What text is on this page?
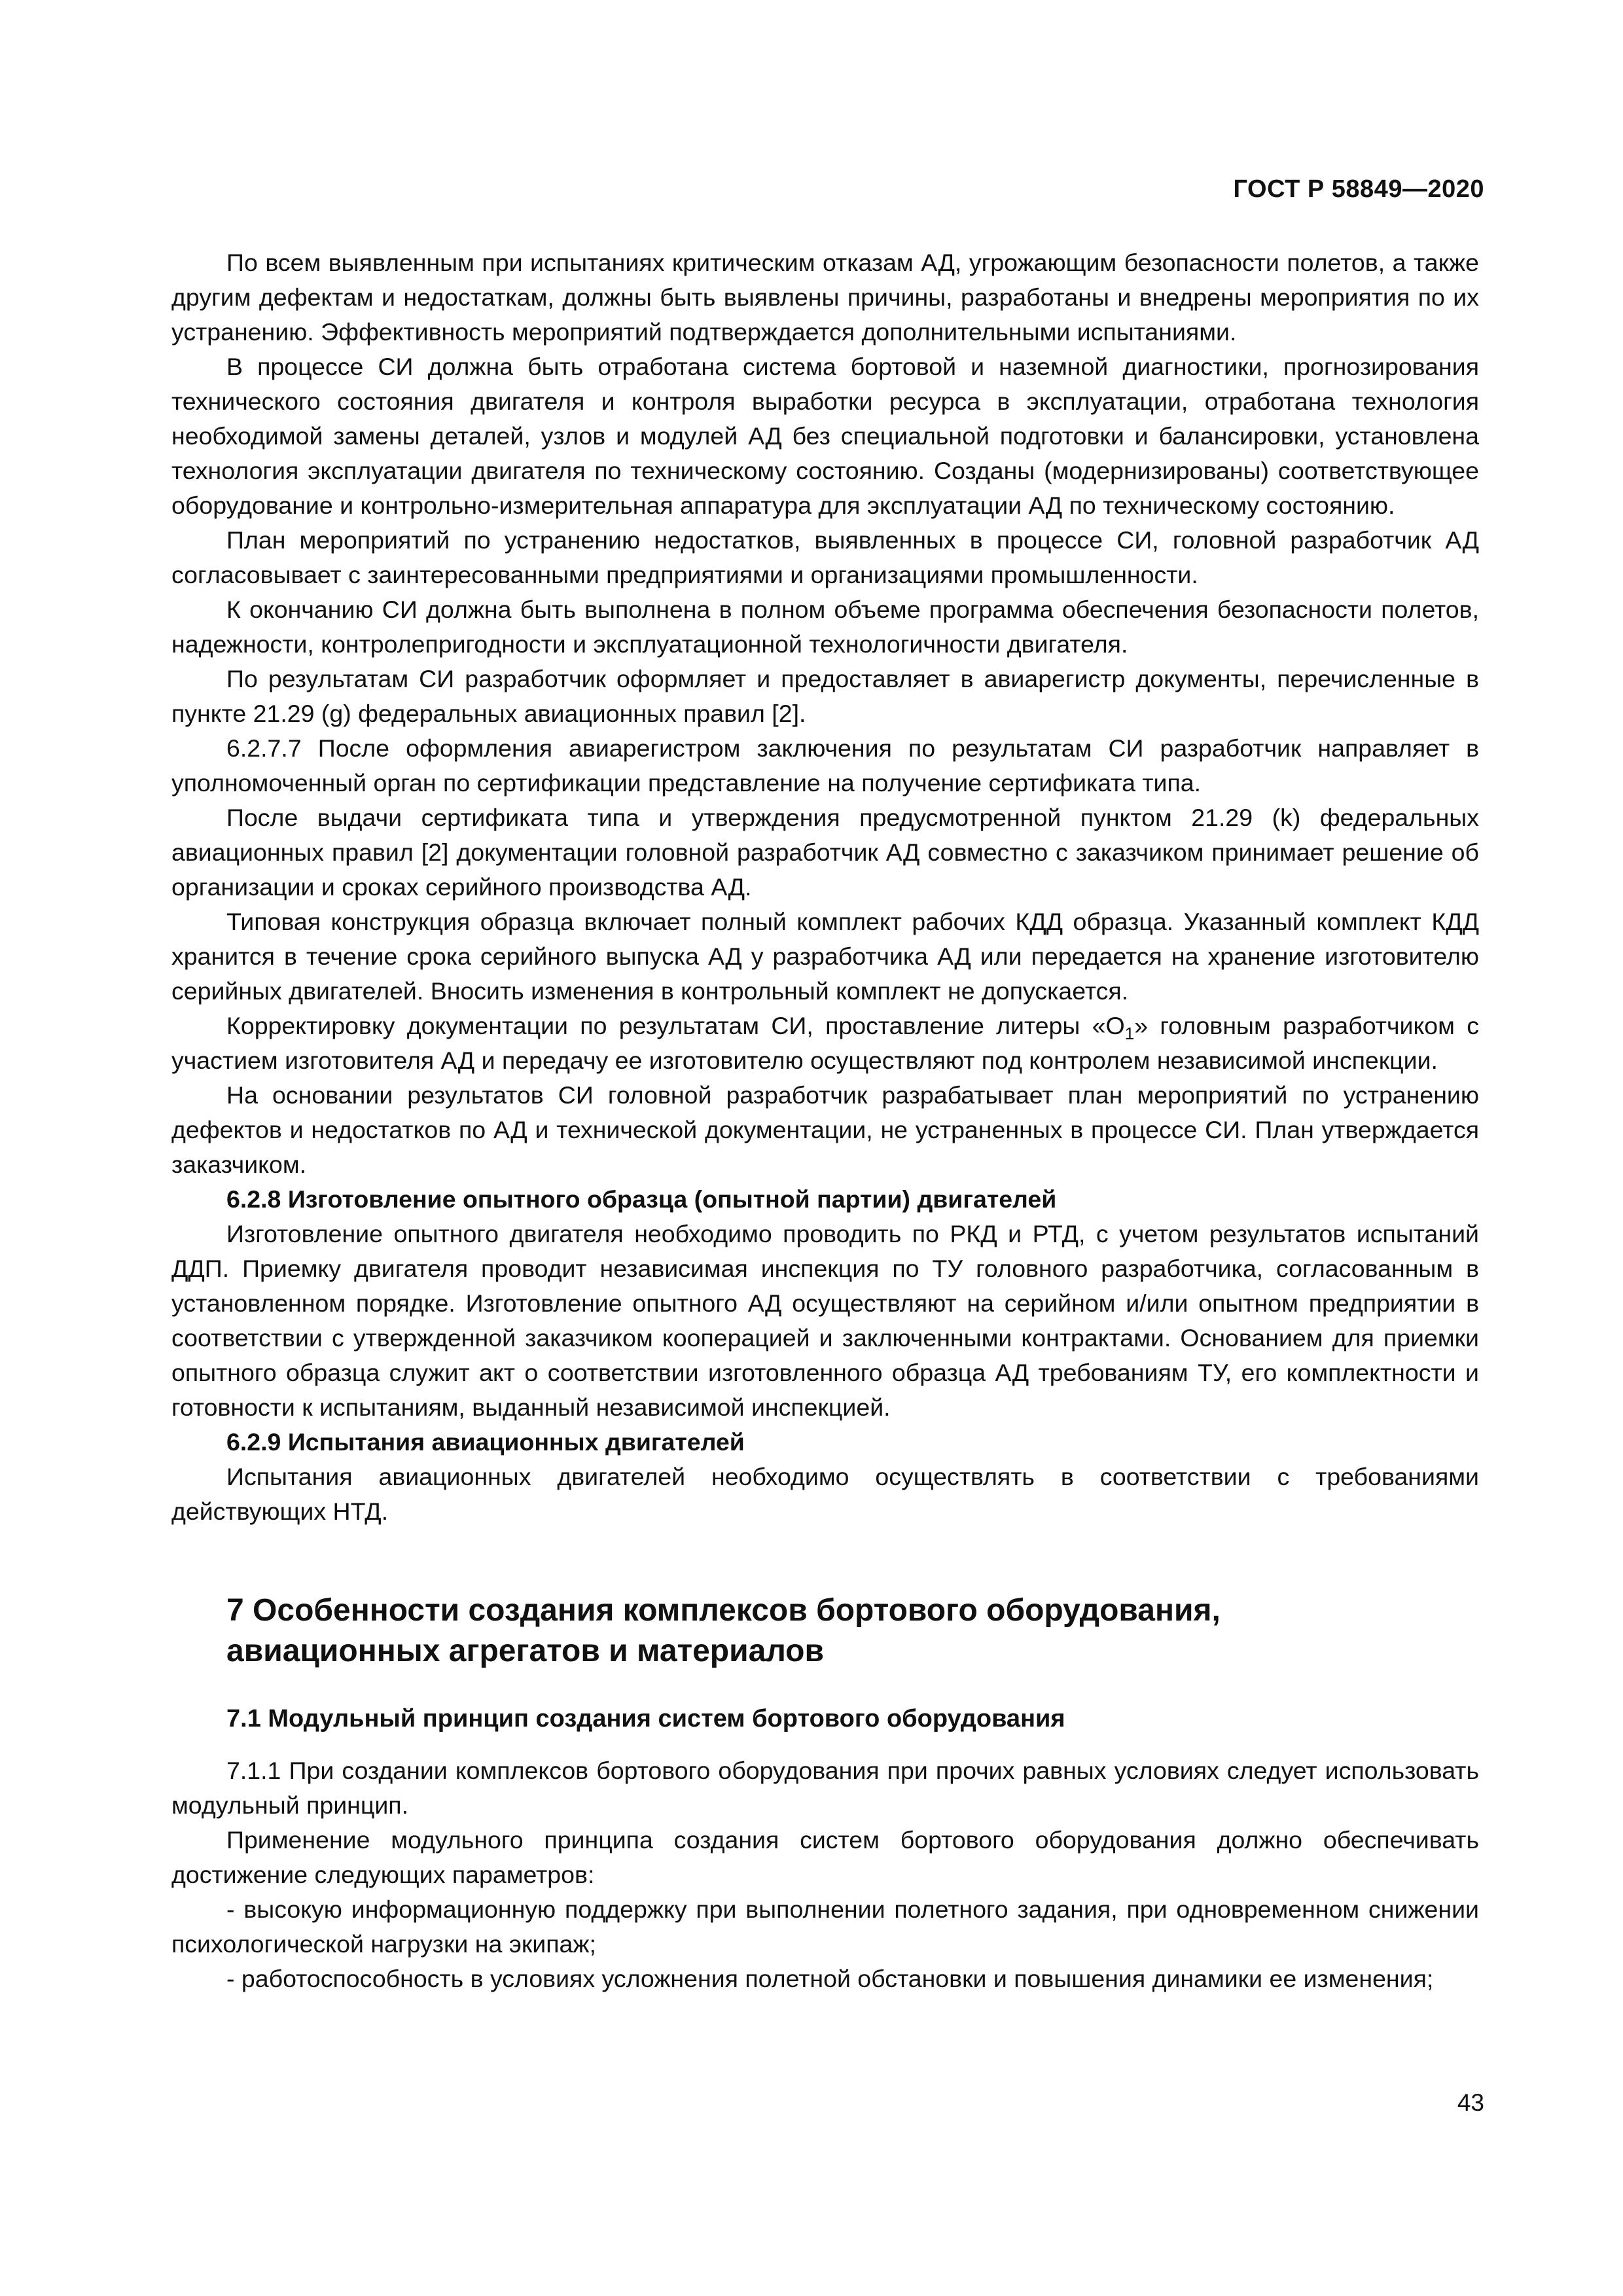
ГОСТ Р 58849—2020

По всем выявленным при испытаниях критическим отказам АД, угрожающим безопасности полетов, а также другим дефектам и недостаткам, должны быть выявлены причины, разработаны и внедрены мероприятия по их устранению. Эффективность мероприятий подтверждается дополнительными испытаниями.

В процессе СИ должна быть отработана система бортовой и наземной диагностики, прогнозирования технического состояния двигателя и контроля выработки ресурса в эксплуатации, отработана технология необходимой замены деталей, узлов и модулей АД без специальной подготовки и балансировки, установлена технология эксплуатации двигателя по техническому состоянию. Созданы (модернизированы) соответствующее оборудование и контрольно-измерительная аппаратура для эксплуатации АД по техническому состоянию.

План мероприятий по устранению недостатков, выявленных в процессе СИ, головной разработчик АД согласовывает с заинтересованными предприятиями и организациями промышленности.

К окончанию СИ должна быть выполнена в полном объеме программа обеспечения безопасности полетов, надежности, контролепригодности и эксплуатационной технологичности двигателя.

По результатам СИ разработчик оформляет и предоставляет в авиарегистр документы, перечисленные в пункте 21.29 (g) федеральных авиационных правил [2].

6.2.7.7 После оформления авиарегистром заключения по результатам СИ разработчик направляет в уполномоченный орган по сертификации представление на получение сертификата типа.

После выдачи сертификата типа и утверждения предусмотренной пунктом 21.29 (k) федеральных авиационных правил [2] документации головной разработчик АД совместно с заказчиком принимает решение об организации и сроках серийного производства АД.

Типовая конструкция образца включает полный комплект рабочих КДД образца. Указанный комплект КДД хранится в течение срока серийного выпуска АД у разработчика АД или передается на хранение изготовителю серийных двигателей. Вносить изменения в контрольный комплект не допускается.

Корректировку документации по результатам СИ, проставление литеры «$О_1$» головным разработчиком с участием изготовителя АД и передачу ее изготовителю осуществляют под контролем независимой инспекции.

На основании результатов СИ головной разработчик разрабатывает план мероприятий по устранению дефектов и недостатков по АД и технической документации, не устраненных в процессе СИ. План утверждается заказчиком.

6.2.8 Изготовление опытного образца (опытной партии) двигателей

Изготовление опытного двигателя необходимо проводить по РКД и РТД, с учетом результатов испытаний ДДП. Приемку двигателя проводит независимая инспекция по ТУ головного разработчика, согласованным в установленном порядке. Изготовление опытного АД осуществляют на серийном и/или опытном предприятии в соответствии с утвержденной заказчиком кооперацией и заключенными контрактами. Основанием для приемки опытного образца служит акт о соответствии изготовленного образца АД требованиям ТУ, его комплектности и готовности к испытаниям, выданный независимой инспекцией.

6.2.9 Испытания авиационных двигателей

Испытания авиационных двигателей необходимо осуществлять в соответствии с требованиями действующих НТД.

7 Особенности создания комплексов бортового оборудования,
авиационных агрегатов и материалов
7.1 Модульный принцип создания систем бортового оборудования

7.1.1 При создании комплексов бортового оборудования при прочих равных условиях следует использовать модульный принцип.

Применение модульного принципа создания систем бортового оборудования должно обеспечивать достижение следующих параметров:

- высокую информационную поддержку при выполнении полетного задания, при одновременном снижении психологической нагрузки на экипаж;

- работоспособность в условиях усложнения полетной обстановки и повышения динамики ее изменения;

43
